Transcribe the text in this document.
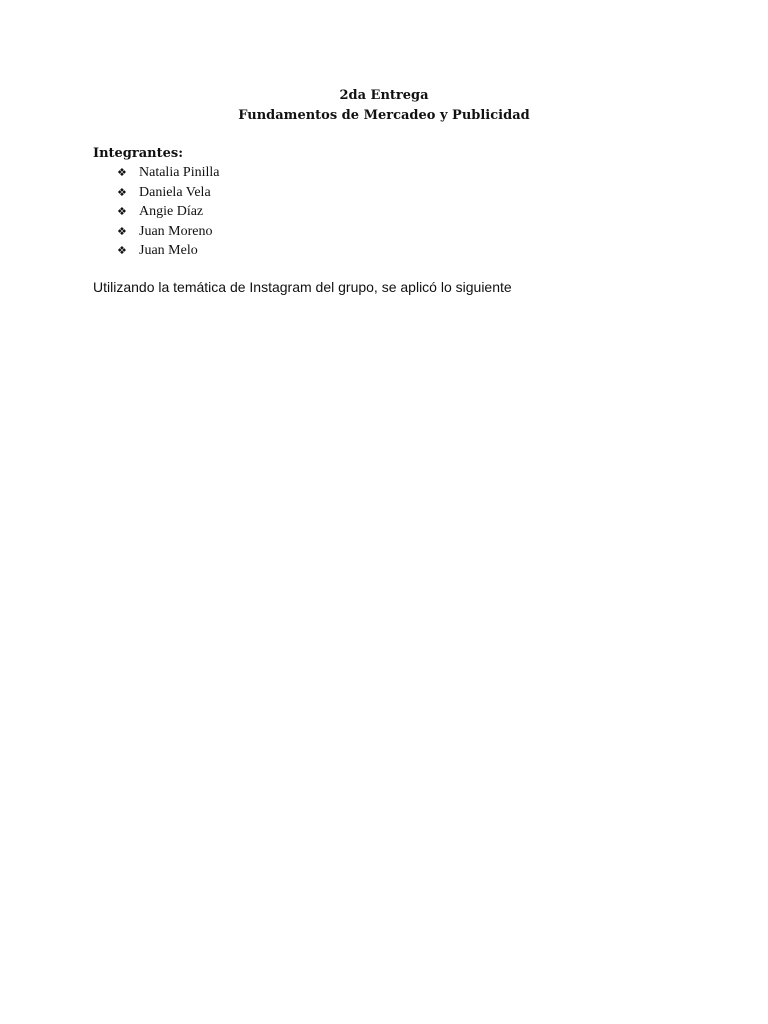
2da Entrega
Fundamentos de Mercadeo y Publicidad
Integrantes:
❖ Natalia Pinilla
❖ Daniela Vela
❖ Angie Díaz
❖ Juan Moreno
❖ Juan Melo
Utilizando la temática de Instagram del grupo, se aplicó lo siguiente
